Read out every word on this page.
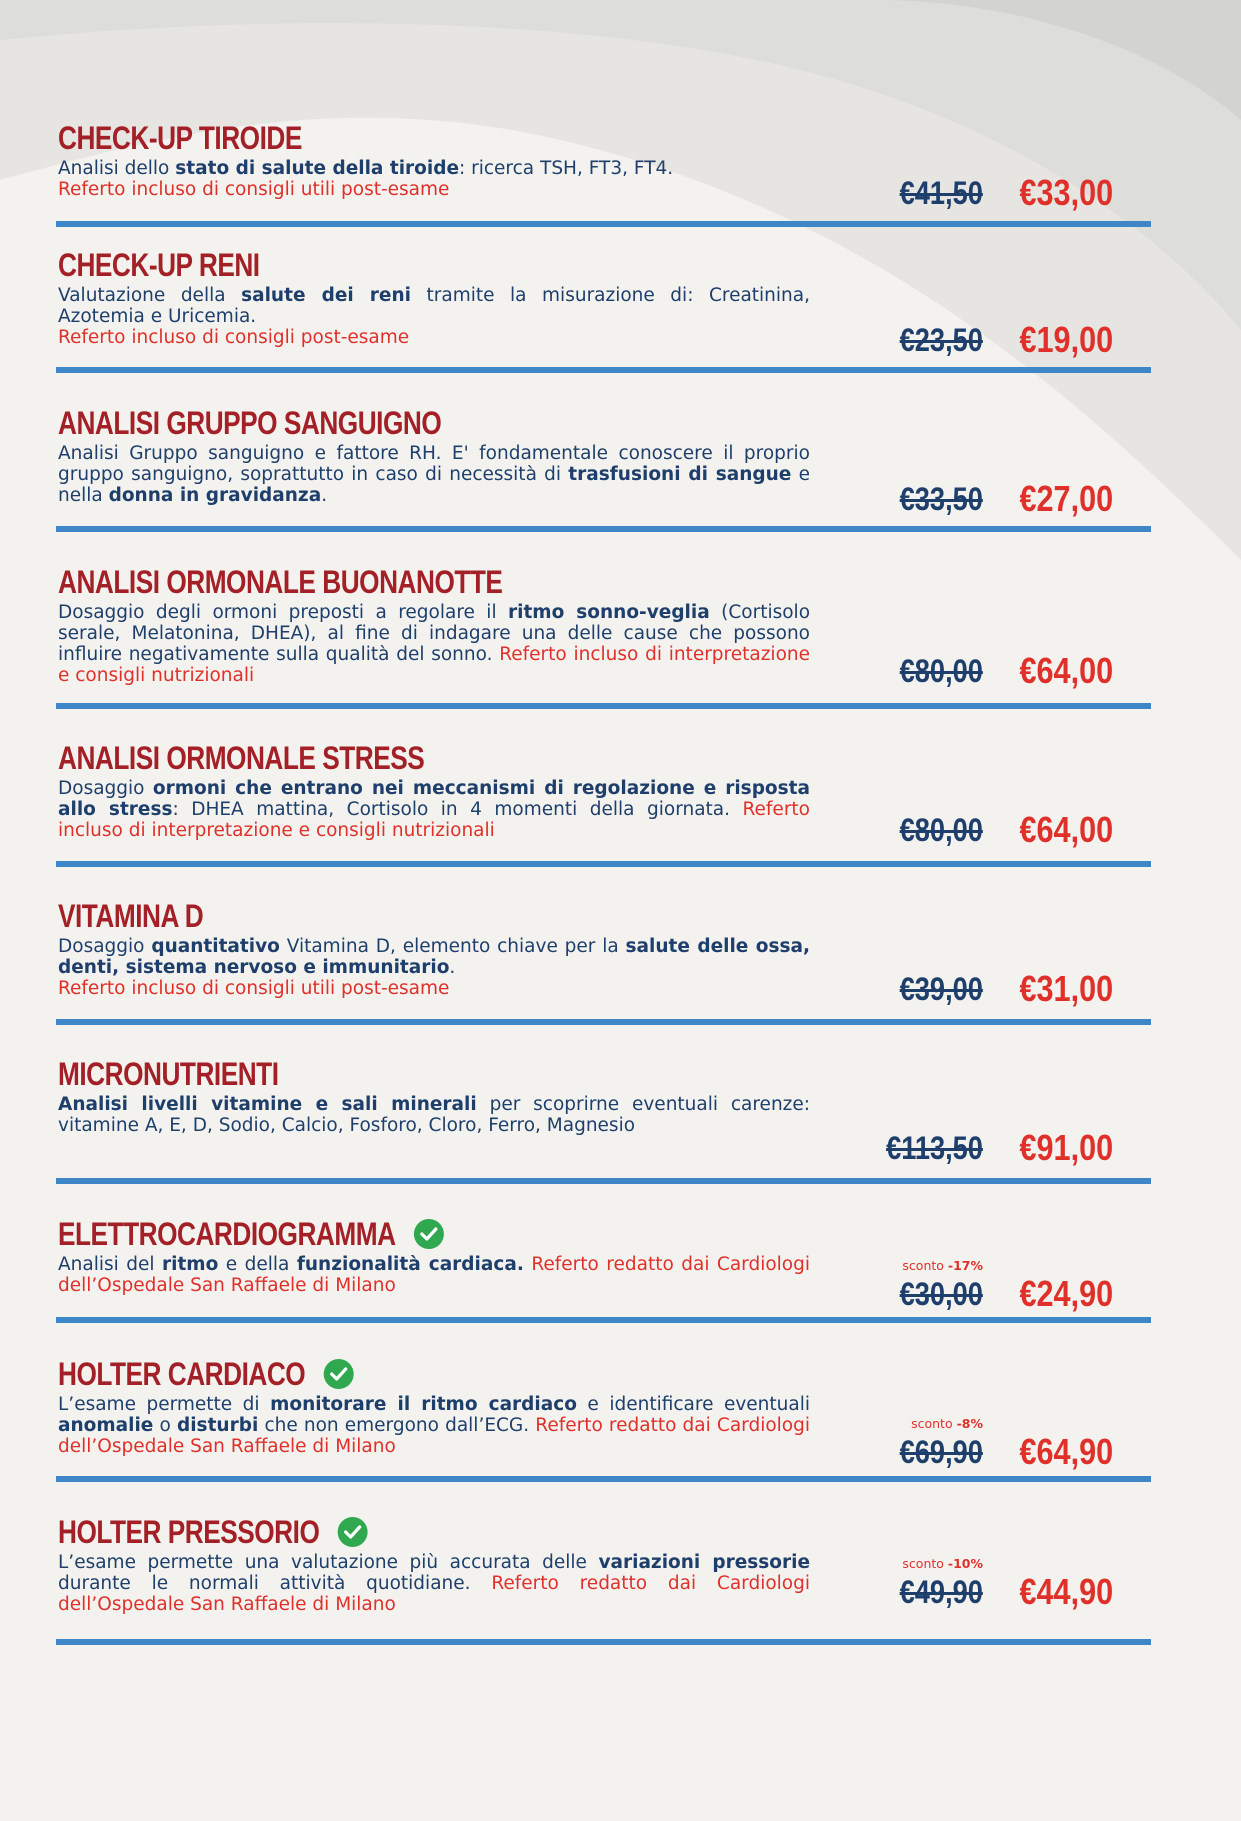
CHECK-UP TIROIDE
Analisi dello stato di salute della tiroide: ricerca TSH, FT3, FT4.
Referto incluso di consigli utili post-esame	€41,50 €33,00
CHECK-UP RENI
Valutazione della salute dei reni tramite la misurazione di: Creatinina, Azotemia e Uricemia.
Referto incluso di consigli post-esame	€23,50 €19,00
ANALISI GRUPPO SANGUIGNO
Analisi Gruppo sanguigno e fattore RH. E' fondamentale conoscere il proprio gruppo sanguigno, soprattutto in caso di necessità di trasfusioni di sangue e nella donna in gravidanza.	€33,50 €27,00
ANALISI ORMONALE BUONANOTTE
Dosaggio degli ormoni preposti a regolare il ritmo sonno-veglia (Cortisolo serale, Melatonina, DHEA), al fine di indagare una delle cause che possono influire negativamente sulla qualità del sonno. Referto incluso di interpretazione e consigli nutrizionali	€80,00 €64,00
ANALISI ORMONALE STRESS
Dosaggio ormoni che entrano nei meccanismi di regolazione e risposta allo stress: DHEA mattina, Cortisolo in 4 momenti della giornata. Referto incluso di interpretazione e consigli nutrizionali	€80,00 €64,00
VITAMINA D
Dosaggio quantitativo Vitamina D, elemento chiave per la salute delle ossa, denti, sistema nervoso e immunitario.
Referto incluso di consigli utili post-esame	€39,00 €31,00
MICRONUTRIENTI
Analisi livelli vitamine e sali minerali per scoprirne eventuali carenze: vitamine A, E, D, Sodio, Calcio, Fosforo, Cloro, Ferro, Magnesio
€113,50 €91,00
ELETTROCARDIOGRAMMA
Analisi del ritmo e della funzionalità cardiaca. Referto redatto dai Cardiologi dell’Ospedale San Raffaele di Milano
sconto -17%
€30,00 €24,90
HOLTER CARDIACO
L’esame permette di monitorare il ritmo cardiaco e identificare eventuali anomalie o disturbi che non emergono dall’ECG. Referto redatto dai Cardiologi dell’Ospedale San Raffaele di Milano
sconto -8%
€69,90 €64,90
HOLTER PRESSORIO
L’esame permette una valutazione più accurata delle variazioni pressorie durante le normali attività quotidiane. Referto redatto dai Cardiologi dell’Ospedale San Raffaele di Milano
sconto -10%
€49,90 €44,90
